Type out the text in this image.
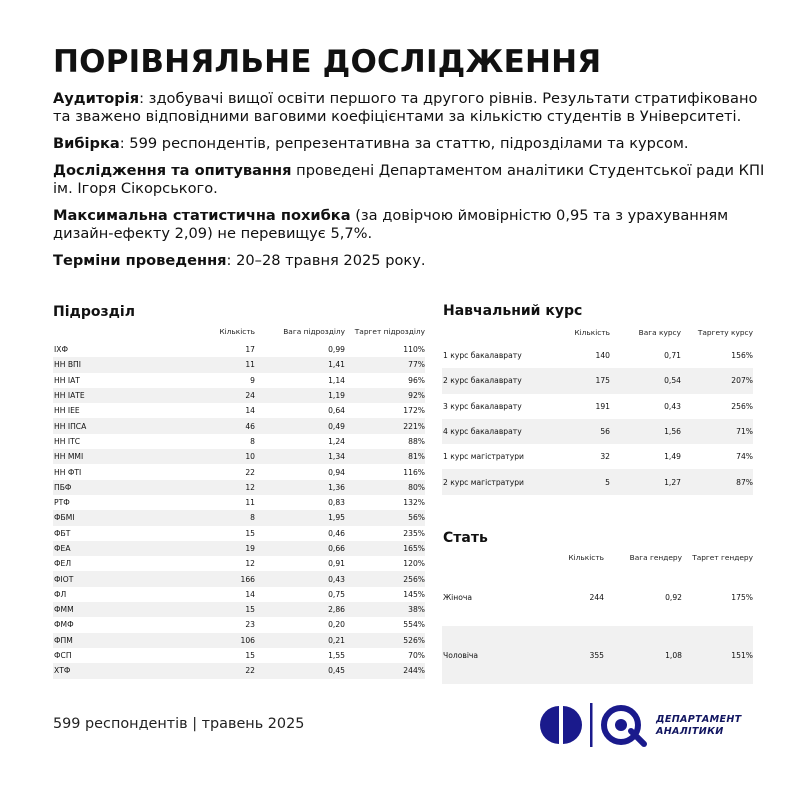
ПОРІВНЯЛЬНЕ ДОСЛІДЖЕННЯ
Аудиторія: здобувачі вищої освіти першого та другого рівнів. Результати стратифіковано та зважено відповідними ваговими коефіцієнтами за кількістю студентів в Університеті.
Вибірка: 599 респондентів, репрезентативна за статтю, підрозділами та курсом.
Дослідження та опитування проведені Департаментом аналітики Студентської ради КПІ ім. Ігоря Сікорського.
Максимальна статистична похибка (за довірчою ймовірністю 0,95 та з урахуванням дизайн-ефекту 2,09) не перевищує 5,7%.
Терміни проведення: 20–28 травня 2025 року.
Підрозділ
	Кількість	Вага підрозділу	Таргет підрозділу
ІХФ	17	0,99	110%
НН ВПІ	11	1,41	77%
НН ІАТ	9	1,14	96%
НН ІАТЕ	24	1,19	92%
НН ІЕЕ	14	0,64	172%
НН ІПСА	46	0,49	221%
НН ІТС	8	1,24	88%
НН ММІ	10	1,34	81%
НН ФТІ	22	0,94	116%
ПБФ	12	1,36	80%
РТФ	11	0,83	132%
ФБМІ	8	1,95	56%
ФБТ	15	0,46	235%
ФЕА	19	0,66	165%
ФЕЛ	12	0,91	120%
ФІОТ	166	0,43	256%
ФЛ	14	0,75	145%
ФММ	15	2,86	38%
ФМФ	23	0,20	554%
ФПМ	106	0,21	526%
ФСП	15	1,55	70%
ХТФ	22	0,45	244%
Навчальний курс
	Кількість	Вага курсу	Таргету курсу
1 курс бакалаврату	140	0,71	156%
2 курс бакалаврату	175	0,54	207%
3 курс бакалаврату	191	0,43	256%
4 курс бакалаврату	56	1,56	71%
1 курс магістратури	32	1,49	74%
2 курс магістратури	5	1,27	87%
Стать
	Кількість	Вага гендеру	Таргет гендеру
Жіноча	244	0,92	175%
Чоловіча	355	1,08	151%
599 респондентів | травень 2025	ДЕПАРТАМЕНТ
АНАЛІТИКИ
